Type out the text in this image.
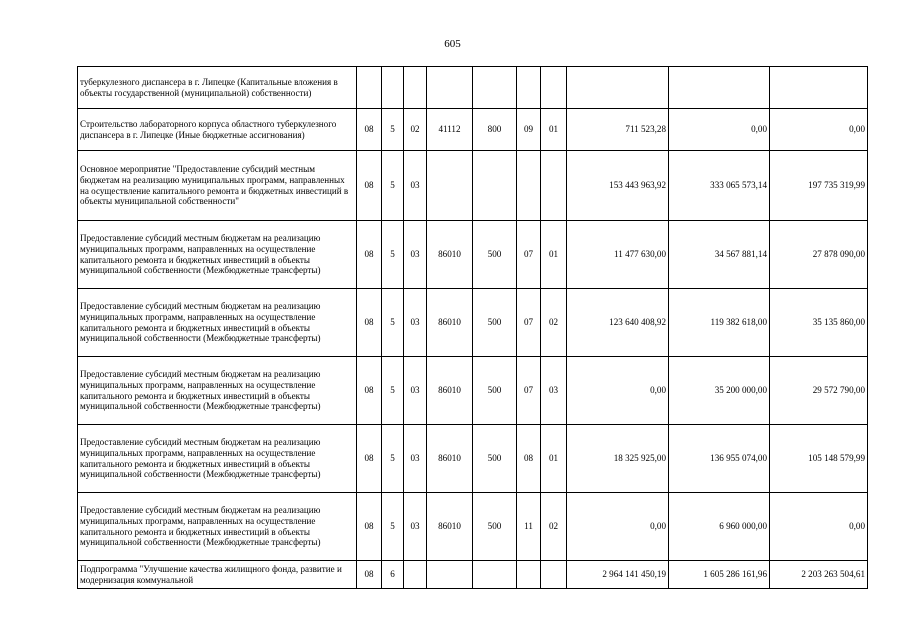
605
туберкулезного диспансера в г. Липецке (Капитальные вложения в объекты государственной (муниципальной) собственности)										
Строительство лабораторного корпуса областного туберкулезного диспансера в г. Липецке (Иные бюджетные ассигнования)	08	5	02	41112	800	09	01	711 523,28	0,00	0,00
Основное мероприятие "Предоставление субсидий местным бюджетам на реализацию муниципальных программ, направленных на осуществление капитального ремонта и бюджетных инвестиций в объекты муниципальной собственности"	08	5	03					153 443 963,92	333 065 573,14	197 735 319,99
Предоставление субсидий местным бюджетам на реализацию муниципальных программ, направленных на осуществление капитального ремонта и бюджетных инвестиций в объекты муниципальной собственности (Межбюджетные трансферты)	08	5	03	86010	500	07	01	11 477 630,00	34 567 881,14	27 878 090,00
Предоставление субсидий местным бюджетам на реализацию муниципальных программ, направленных на осуществление капитального ремонта и бюджетных инвестиций в объекты муниципальной собственности (Межбюджетные трансферты)	08	5	03	86010	500	07	02	123 640 408,92	119 382 618,00	35 135 860,00
Предоставление субсидий местным бюджетам на реализацию муниципальных программ, направленных на осуществление капитального ремонта и бюджетных инвестиций в объекты муниципальной собственности (Межбюджетные трансферты)	08	5	03	86010	500	07	03	0,00	35 200 000,00	29 572 790,00
Предоставление субсидий местным бюджетам на реализацию муниципальных программ, направленных на осуществление капитального ремонта и бюджетных инвестиций в объекты муниципальной собственности (Межбюджетные трансферты)	08	5	03	86010	500	08	01	18 325 925,00	136 955 074,00	105 148 579,99
Предоставление субсидий местным бюджетам на реализацию муниципальных программ, направленных на осуществление капитального ремонта и бюджетных инвестиций в объекты муниципальной собственности (Межбюджетные трансферты)	08	5	03	86010	500	11	02	0,00	6 960 000,00	0,00
Подпрограмма "Улучшение качества жилищного фонда, развитие и модернизация коммунальной	08	6						2 964 141 450,19	1 605 286 161,96	2 203 263 504,61
